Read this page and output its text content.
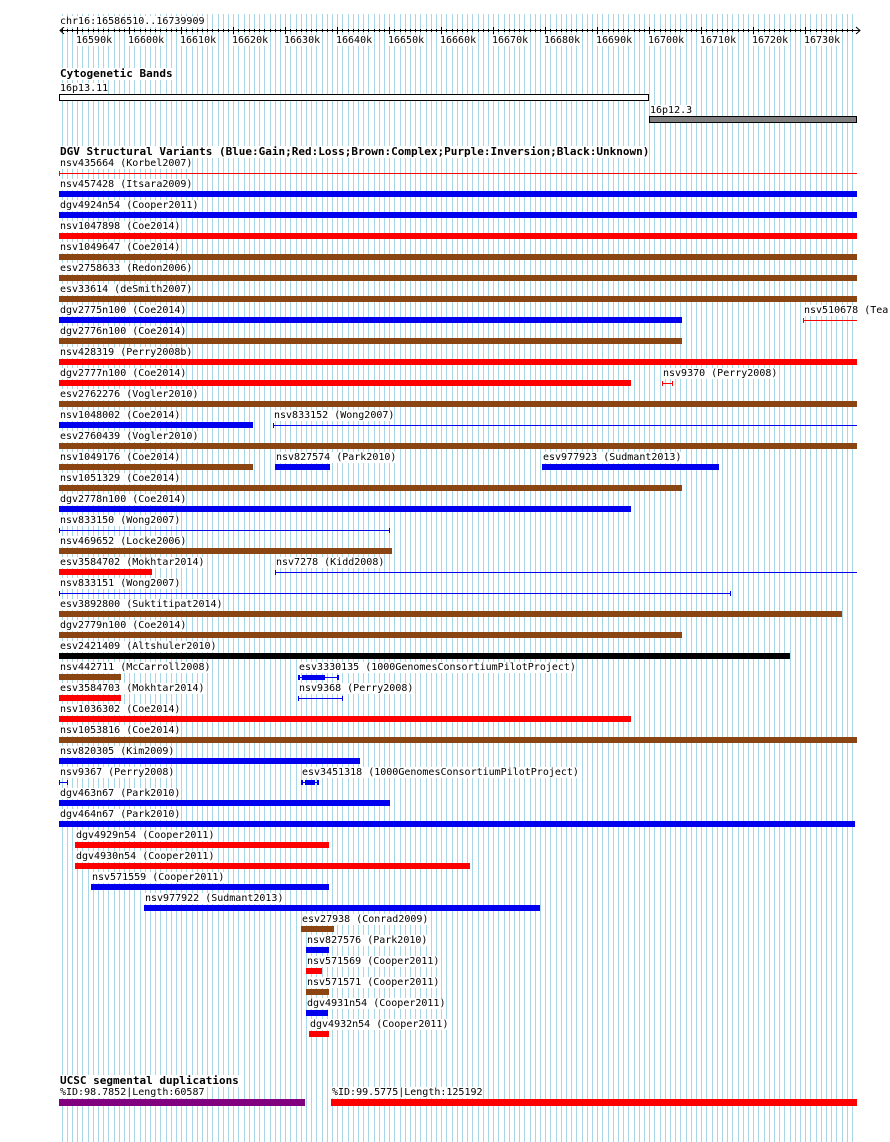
chr16:16586510..16739909
16590k 16600k 16610k 16620k 16630k 16640k 16650k 16660k 16670k 16680k 16690k 16700k 16710k 16720k 16730k
Cytogenetic Bands
16p13.11
16p12.3
DGV Structural Variants (Blue:Gain;Red:Loss;Brown:Complex;Purple:Inversion;Black:Unknown)
nsv435664 (Korbel2007)
nsv457428 (Itsara2009)
dgv4924n54 (Cooper2011)
nsv1047898 (Coe2014)
nsv1049647 (Coe2014)
esv2758633 (Redon2006)
esv33614 (deSmith2007)
dgv2775n100 (Coe2014)	nsv510678 (Tea
dgv2776n100 (Coe2014)
nsv428319 (Perry2008b)
dgv2777n100 (Coe2014)	nsv9370 (Perry2008)
esv2762276 (Vogler2010)
nsv1048002 (Coe2014)	nsv833152 (Wong2007)
esv2760439 (Vogler2010)
nsv1049176 (Coe2014)	nsv827574 (Park2010)	esv977923 (Sudmant2013)
nsv1051329 (Coe2014)
dgv2778n100 (Coe2014)
nsv833150 (Wong2007)
nsv469652 (Locke2006)
esv3584702 (Mokhtar2014)	nsv7278 (Kidd2008)
nsv833151 (Wong2007)
esv3892800 (Suktitipat2014)
dgv2779n100 (Coe2014)
esv2421409 (Altshuler2010)
nsv442711 (McCarroll2008)	esv3330135 (1000GenomesConsortiumPilotProject)
esv3584703 (Mokhtar2014)	nsv9368 (Perry2008)
nsv1036302 (Coe2014)
nsv1053816 (Coe2014)
nsv820305 (Kim2009)
nsv9367 (Perry2008)	esv3451318 (1000GenomesConsortiumPilotProject)
dgv463n67 (Park2010)
dgv464n67 (Park2010)
dgv4929n54 (Cooper2011)
dgv4930n54 (Cooper2011)
nsv571559 (Cooper2011)
nsv977922 (Sudmant2013)
esv27938 (Conrad2009)
nsv827576 (Park2010)
nsv571569 (Cooper2011)
nsv571571 (Cooper2011)
dgv4931n54 (Cooper2011)
dgv4932n54 (Cooper2011)
UCSC segmental duplications
%ID:98.7852|Length:60587	%ID:99.5775|Length:125192
